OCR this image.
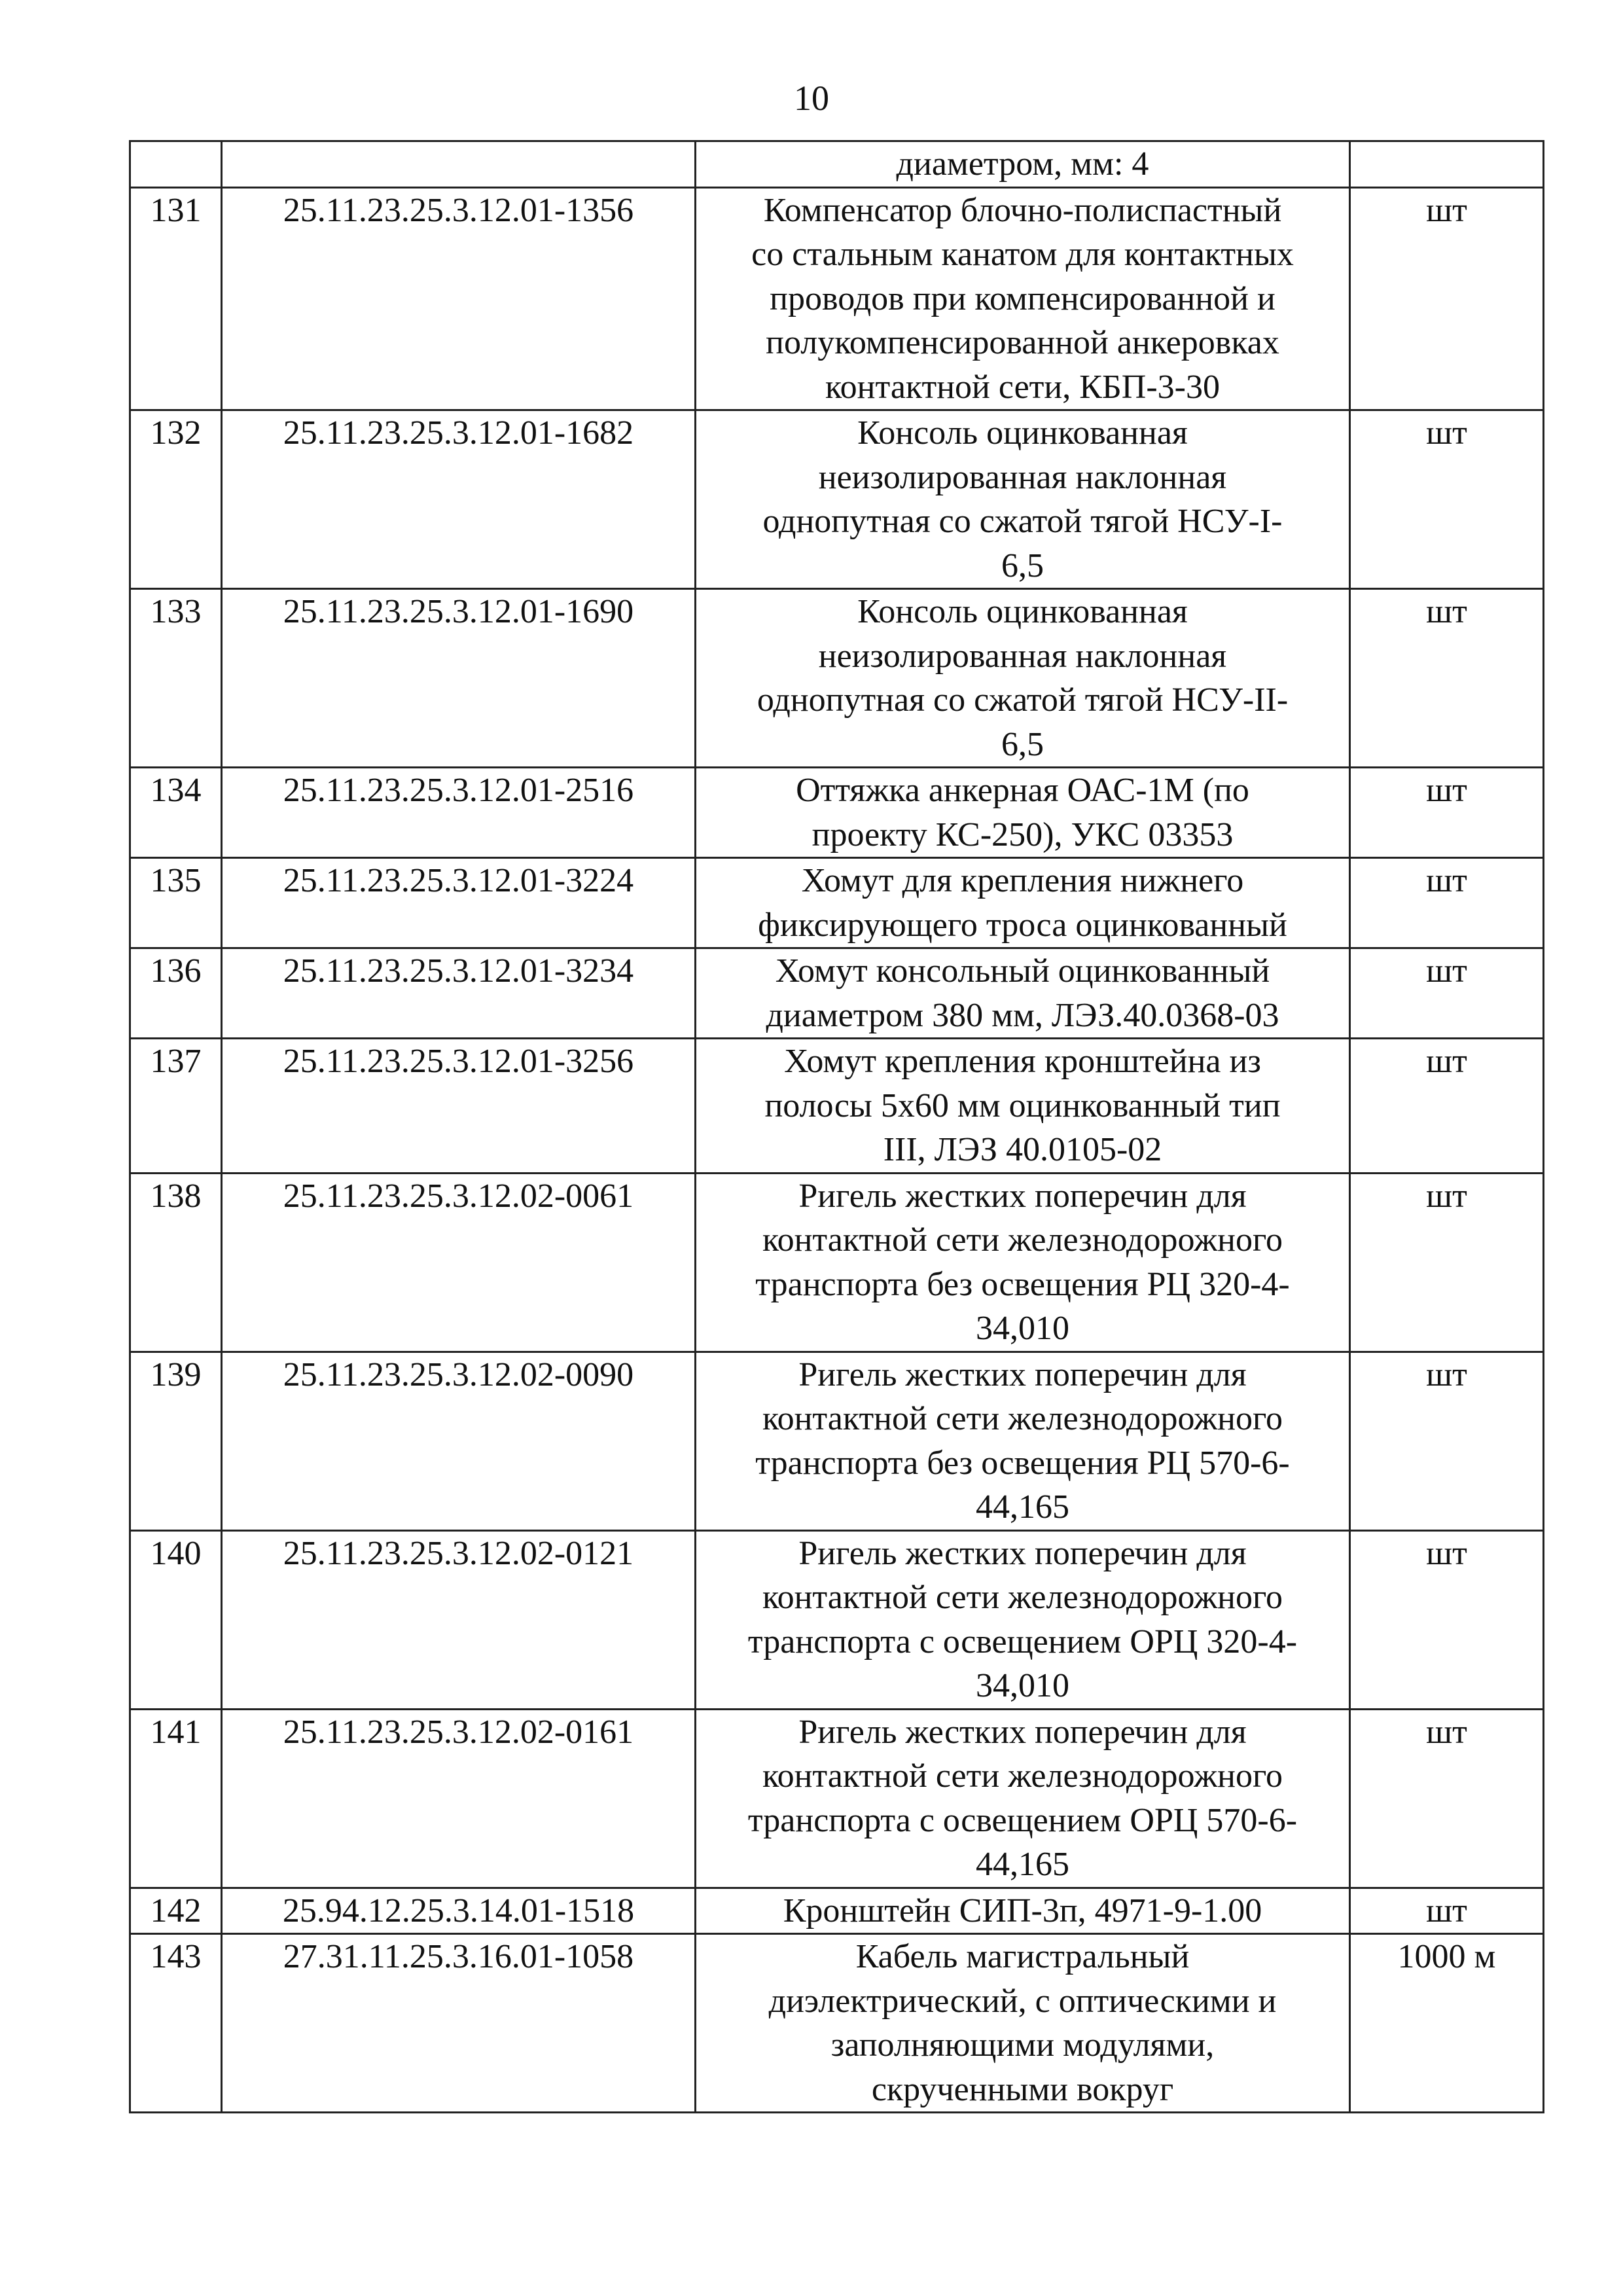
10

		диаметром, мм: 4	

131	25.11.23.25.3.12.01-1356	Компенсатор блочно-полиспастный
со стальным канатом для контактных
проводов при компенсированной и
полукомпенсированной анкеровках
контактной сети, КБП-3-30	шт
132	25.11.23.25.3.12.01-1682	Консоль оцинкованная
неизолированная наклонная
однопутная со сжатой тягой НСУ-I-
6,5	шт
133	25.11.23.25.3.12.01-1690	Консоль оцинкованная
неизолированная наклонная
однопутная со сжатой тягой НСУ-II-
6,5	шт
134	25.11.23.25.3.12.01-2516	Оттяжка анкерная ОАС-1М (по
проекту КС-250), УКС 03353	шт
135	25.11.23.25.3.12.01-3224	Хомут для крепления нижнего
фиксирующего троса оцинкованный	шт
136	25.11.23.25.3.12.01-3234	Хомут консольный оцинкованный
диаметром 380 мм, ЛЭЗ.40.0368-03	шт
137	25.11.23.25.3.12.01-3256	Хомут крепления кронштейна из
полосы 5х60 мм оцинкованный тип
III, ЛЭЗ 40.0105-02	шт
138	25.11.23.25.3.12.02-0061	Ригель жестких поперечин для
контактной сети железнодорожного
транспорта без освещения РЦ 320-4-
34,010	шт
139	25.11.23.25.3.12.02-0090	Ригель жестких поперечин для
контактной сети железнодорожного
транспорта без освещения РЦ 570-6-
44,165	шт
140	25.11.23.25.3.12.02-0121	Ригель жестких поперечин для
контактной сети железнодорожного
транспорта с освещением ОРЦ 320-4-
34,010	шт
141	25.11.23.25.3.12.02-0161	Ригель жестких поперечин для
контактной сети железнодорожного
транспорта с освещением ОРЦ 570-6-
44,165	шт
142	25.94.12.25.3.14.01-1518	Кронштейн СИП-3п, 4971-9-1.00	шт
143	27.31.11.25.3.16.01-1058	Кабель магистральный
диэлектрический, с оптическими и
заполняющими модулями,
скрученными вокруг	1000 м
